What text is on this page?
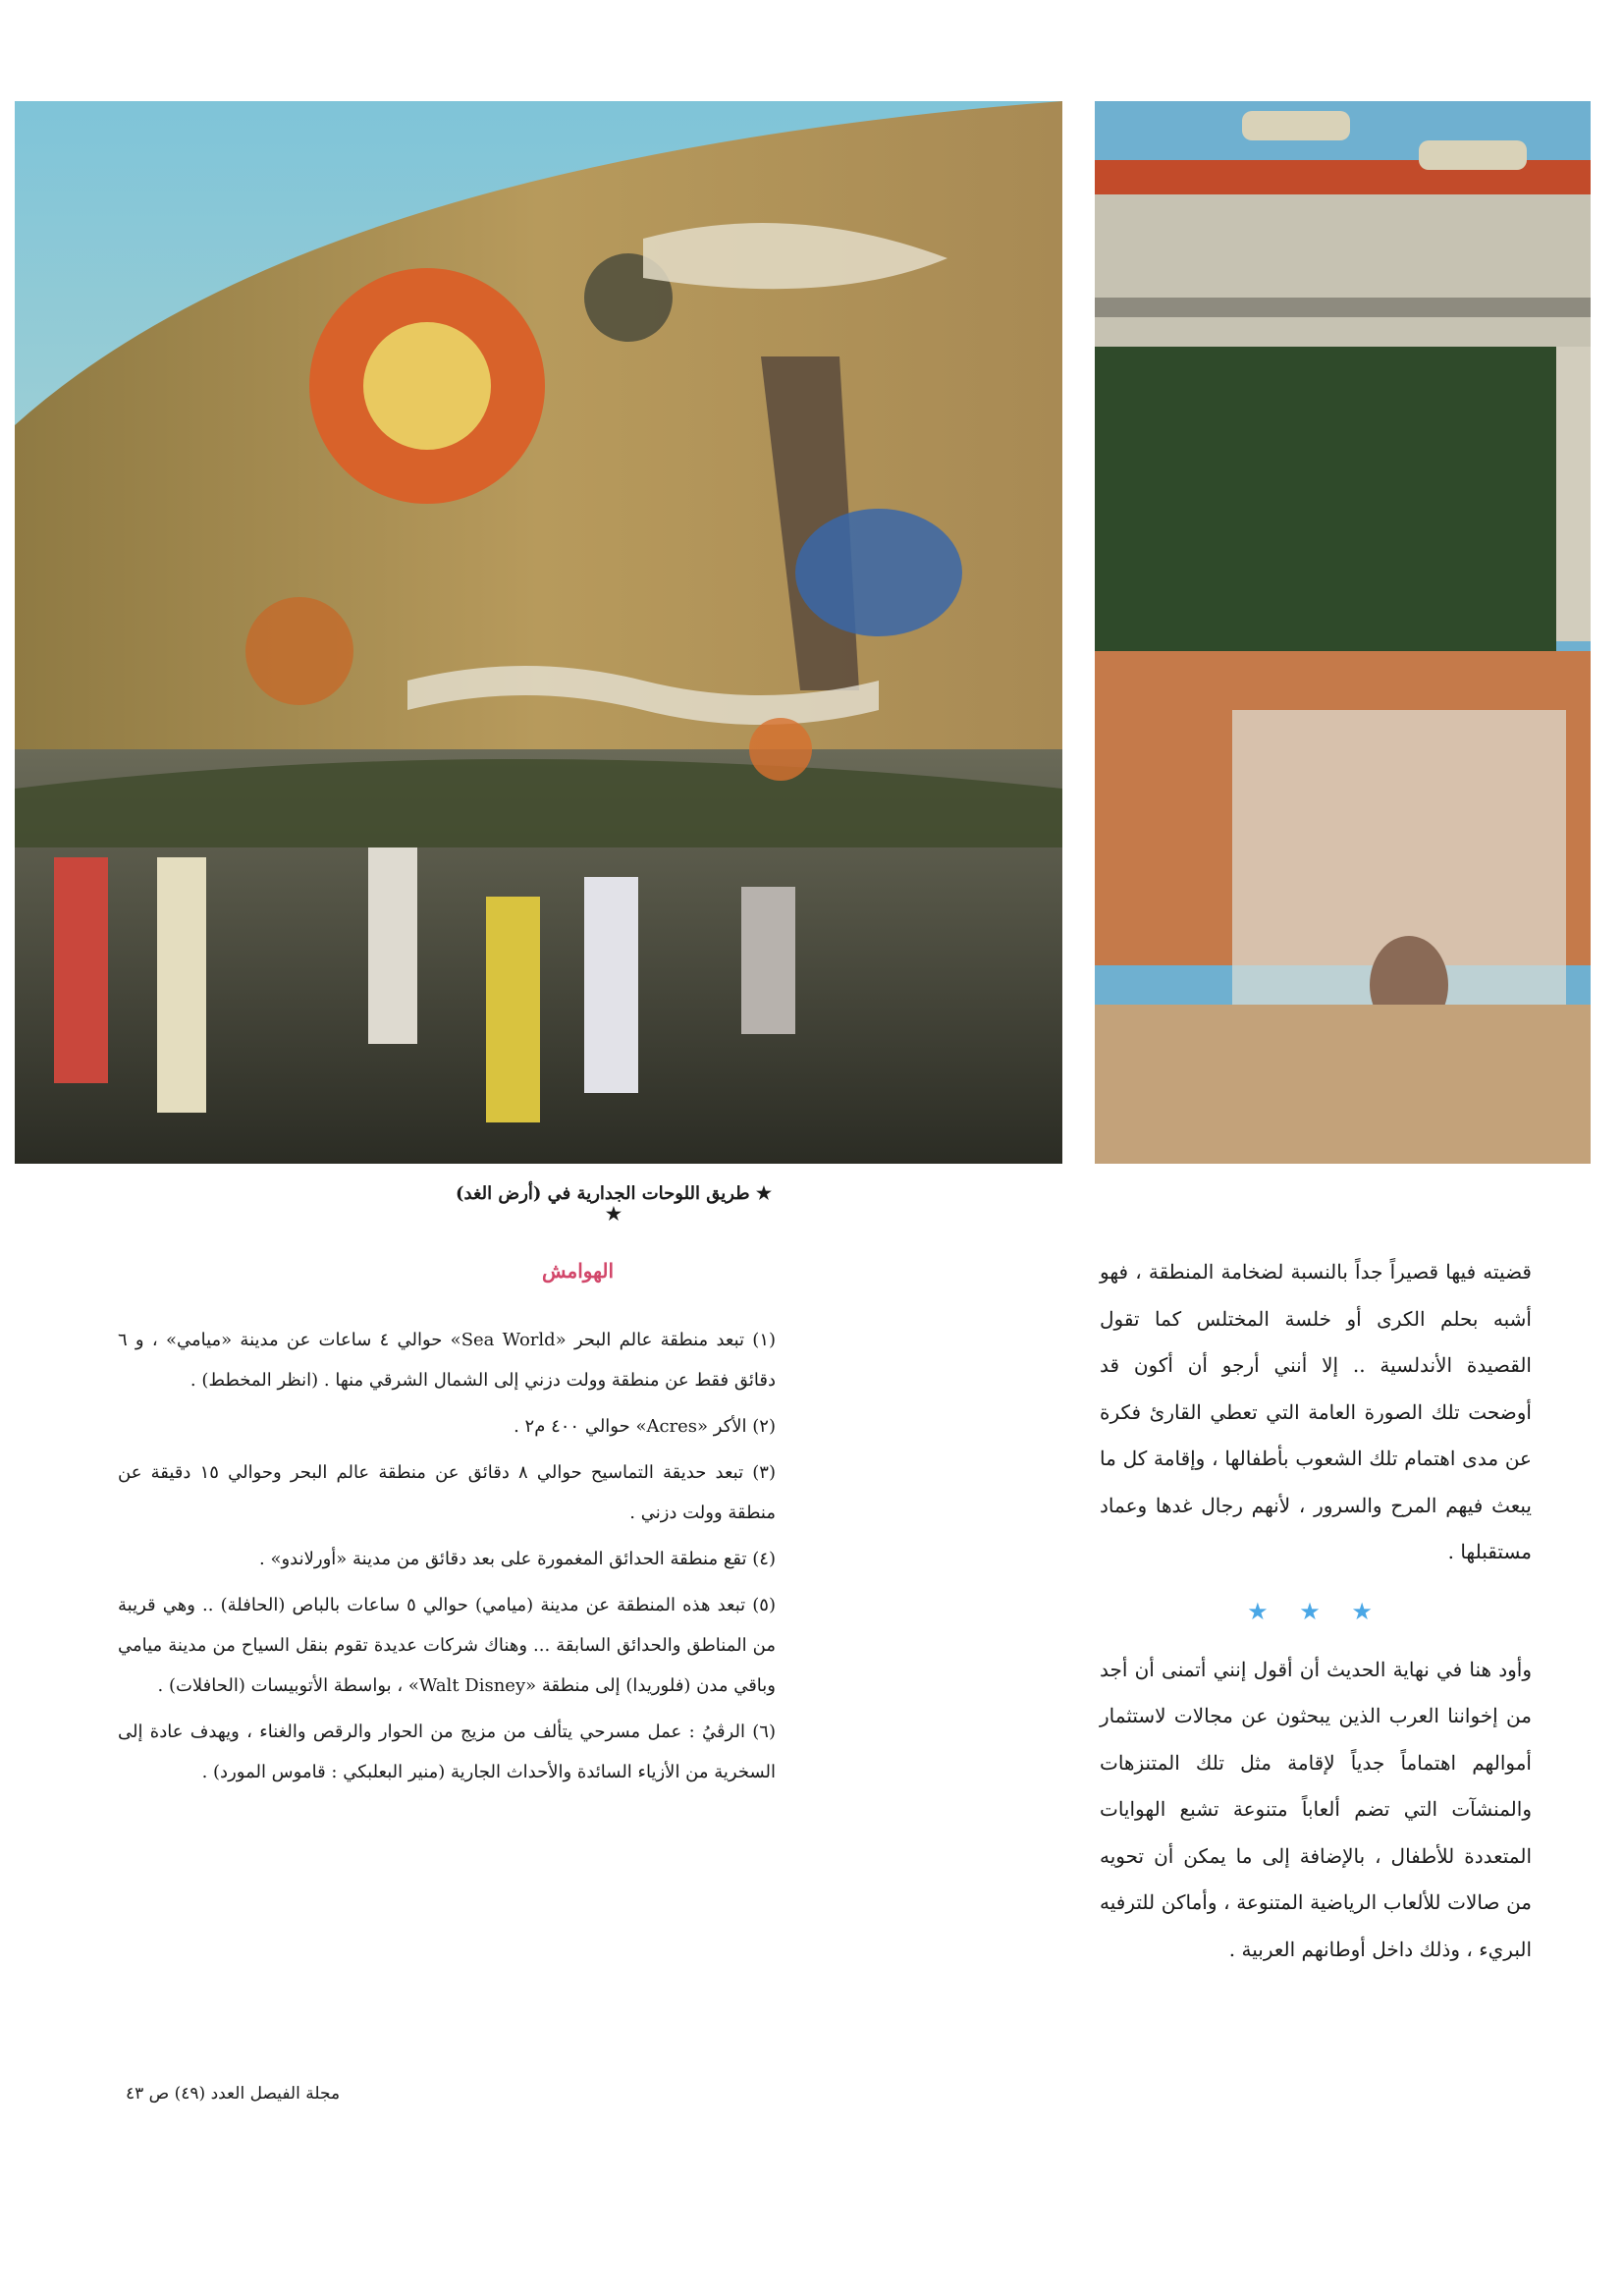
★ طريق اللوحات الجدارية في (أرض الغد) ★
الهوامش

(١) تبعد منطقة عالم البحر «Sea World» حوالي ٤ ساعات عن مدينة «ميامي» ، و ٦ دقائق فقط عن منطقة وولت دزني إلى الشمال الشرقي منها . (انظر المخطط) .

(٢) الأكر «Acres» حوالي ٤٠٠ م٢ .

(٣) تبعد حديقة التماسيح حوالي ٨ دقائق عن منطقة عالم البحر وحوالي ١٥ دقيقة عن منطقة وولت دزني .

(٤) تقع منطقة الحدائق المغمورة على بعد دقائق من مدينة «أورلاندو» .

(٥) تبعد هذه المنطقة عن مدينة (ميامي) حوالي ٥ ساعات بالباص (الحافلة) .. وهي قريبة من المناطق والحدائق السابقة ... وهناك شركات عديدة تقوم بنقل السياح من مدينة ميامي وباقي مدن (فلوريدا) إلى منطقة «Walt Disney» ، بواسطة الأتوبيسات (الحافلات) .

(٦) الرڤيُ : عمل مسرحي يتألف من مزيج من الحوار والرقص والغناء ، ويهدف عادة إلى السخرية من الأزياء السائدة والأحداث الجارية (منير البعلبكي : قاموس المورد) .

قضيته فيها قصيراً جداً بالنسبة لضخامة المنطقة ، فهو أشبه بحلم الكرى أو خلسة المختلس كما تقول القصيدة الأندلسية .. إلا أنني أرجو أن أكون قد أوضحت تلك الصورة العامة التي تعطي القارئ فكرة عن مدى اهتمام تلك الشعوب بأطفالها ، وإقامة كل ما يبعث فيهم المرح والسرور ، لأنهم رجال غدها وعماد مستقبلها .

★ ★ ★

وأود هنا في نهاية الحديث أن أقول إنني أتمنى أن أجد من إخواننا العرب الذين يبحثون عن مجالات لاستثمار أموالهم اهتماماً جدياً لإقامة مثل تلك المتنزهات والمنشآت التي تضم ألعاباً متنوعة تشبع الهوايات المتعددة للأطفال ، بالإضافة إلى ما يمكن أن تحويه من صالات للألعاب الرياضية المتنوعة ، وأماكن للترفيه البريء ، وذلك داخل أوطانهم العربية .

مجلة الفيصل العدد (٤٩) ص ٤٣
